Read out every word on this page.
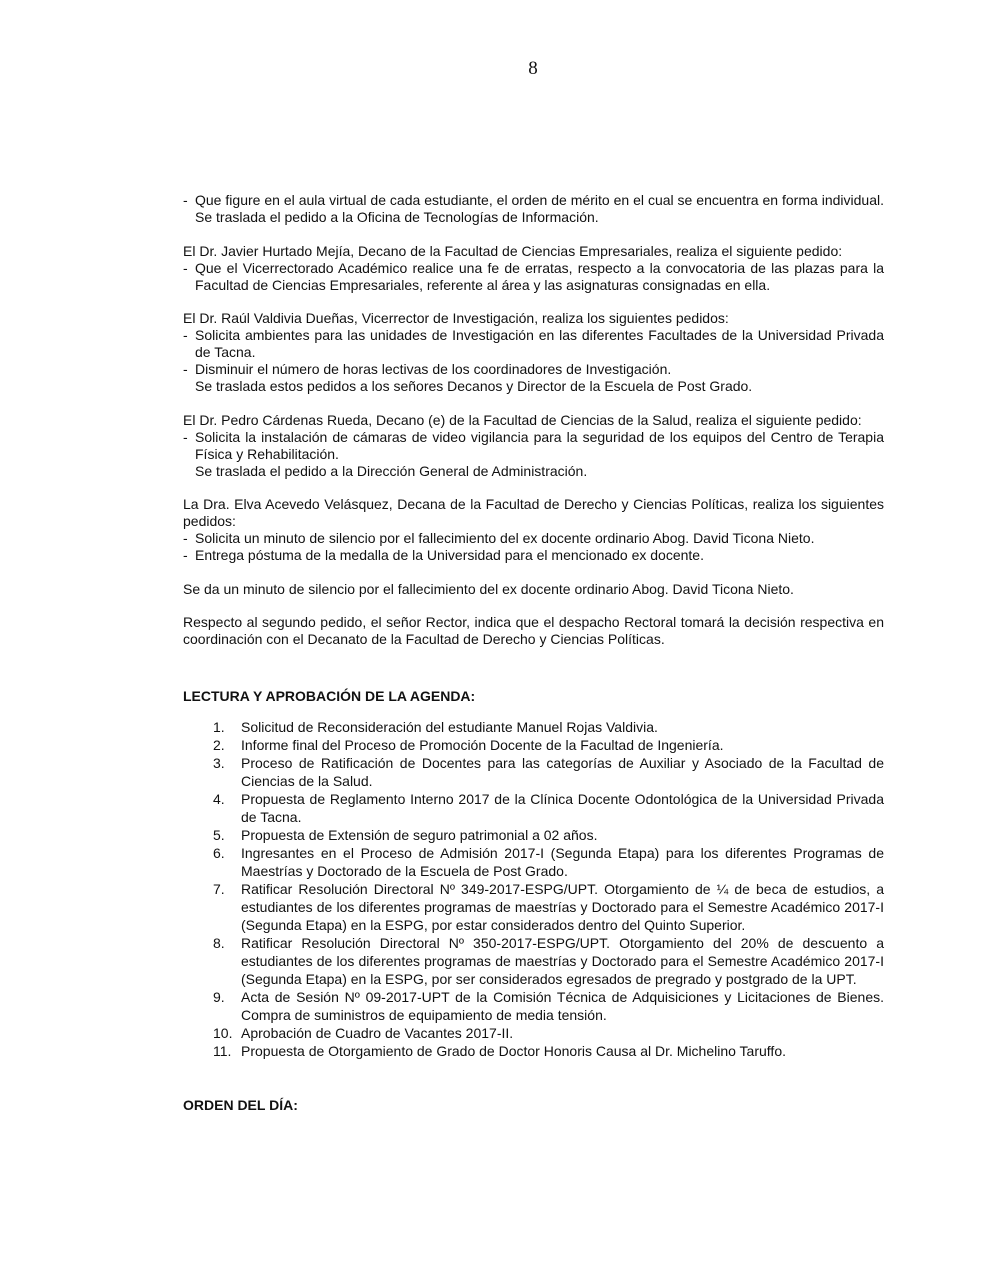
8
- Que figure en el aula virtual de cada estudiante, el orden de mérito en el cual se encuentra en forma individual. Se traslada el pedido a la Oficina de Tecnologías de Información.

El Dr. Javier Hurtado Mejía, Decano de la Facultad de Ciencias Empresariales, realiza el siguiente pedido:

- Que el Vicerrectorado Académico realice una fe de erratas, respecto a la convocatoria de las plazas para la Facultad de Ciencias Empresariales, referente al área y las asignaturas consignadas en ella.

El Dr. Raúl Valdivia Dueñas, Vicerrector de Investigación, realiza los siguientes pedidos:

- Solicita ambientes para las unidades de Investigación en las diferentes Facultades de la Universidad Privada de Tacna.
- Disminuir el número de horas lectivas de los coordinadores de Investigación.
Se traslada estos pedidos a los señores Decanos y Director de la Escuela de Post Grado.

El Dr. Pedro Cárdenas Rueda, Decano (e) de la Facultad de Ciencias de la Salud, realiza el siguiente pedido:

- Solicita la instalación de cámaras de video vigilancia para la seguridad de los equipos del Centro de Terapia Física y Rehabilitación.
Se traslada el pedido a la Dirección General de Administración.

La Dra. Elva Acevedo Velásquez, Decana de la Facultad de Derecho y Ciencias Políticas, realiza los siguientes pedidos:

- Solicita un minuto de silencio por el fallecimiento del ex docente ordinario Abog. David Ticona Nieto.
- Entrega póstuma de la medalla de la Universidad para el mencionado ex docente.

Se da un minuto de silencio por el fallecimiento del ex docente ordinario Abog. David Ticona Nieto.

Respecto al segundo pedido, el señor Rector, indica que el despacho Rectoral tomará la decisión respectiva en coordinación con el Decanato de la Facultad de Derecho y Ciencias Políticas.

LECTURA Y APROBACIÓN DE LA AGENDA:

1.	Solicitud de Reconsideración del estudiante Manuel Rojas Valdivia.
2.	Informe final del Proceso de Promoción Docente de la Facultad de Ingeniería.
3.	Proceso de Ratificación de Docentes para las categorías de Auxiliar y Asociado de la Facultad de Ciencias de la Salud.
4.	Propuesta de Reglamento Interno 2017 de la Clínica Docente Odontológica de la Universidad Privada de Tacna.
5.	Propuesta de Extensión de seguro patrimonial a 02 años.
6.	Ingresantes en el Proceso de Admisión 2017-I (Segunda Etapa) para los diferentes Programas de Maestrías y Doctorado de la Escuela de Post Grado.
7.	Ratificar Resolución Directoral Nº 349-2017-ESPG/UPT. Otorgamiento de ¼ de beca de estudios, a estudiantes de los diferentes programas de maestrías y Doctorado para el Semestre Académico 2017-I (Segunda Etapa) en la ESPG, por estar considerados dentro del Quinto Superior.
8.	Ratificar Resolución Directoral Nº 350-2017-ESPG/UPT. Otorgamiento del 20% de descuento a estudiantes de los diferentes programas de maestrías y Doctorado para el Semestre Académico 2017-I (Segunda Etapa) en la ESPG, por ser considerados egresados de pregrado y postgrado de la UPT.
9.	Acta de Sesión Nº 09-2017-UPT de la Comisión Técnica de Adquisiciones y Licitaciones de Bienes. Compra de suministros de equipamiento de media tensión.
10. Aprobación de Cuadro de Vacantes 2017-II.
11. Propuesta de Otorgamiento de Grado de Doctor Honoris Causa al Dr. Michelino Taruffo.

ORDEN DEL DÍA:
